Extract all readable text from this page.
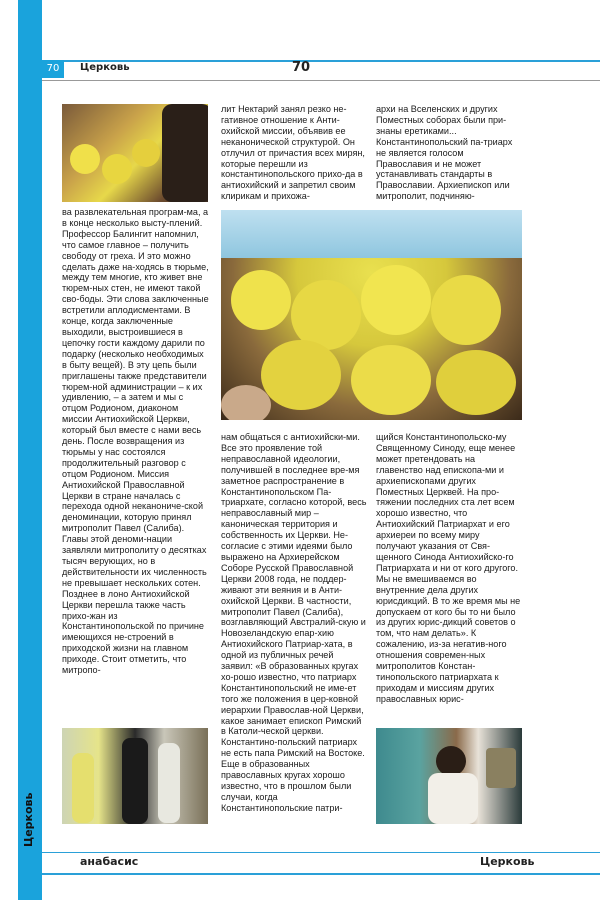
Церковь
70	Церковь	70

ва развлекательная програм-ма, а в конце несколько высту-плений. Профессор Балингит напомнил, что самое главное – получить свободу от греха. И это можно сделать даже на-ходясь в тюрьме, между тем многие, кто живет вне тюрем-ных стен, не имеют такой сво-боды. Эти слова заключенные встретили аплодисментами. В конце, когда заключенные выходили, выстроившиеся в цепочку гости каждому дарили по подарку (несколько необходимых в быту вещей). В эту цепь были приглашены также представители тюрем-ной администрации – к их удивлению, – а затем и мы с отцом Родионом, диаконом миссии Антиохийской Церкви, который был вместе с нами весь день. После возвращения из тюрьмы у нас состоялся продолжительный разговор с отцом Родионом. Миссия Антиохийской Православной Церкви в стране началась с перехода одной неканониче-ской деноминации, которую принял митрополит Павел (Салиба). Главы этой деноми-нации заявляли митрополиту о десятках тысяч верующих, но в действительности их численность не превышает нескольких сотен. Позднее в лоно Антиохийской Церкви перешла также часть прихо-жан из Константинопольской по причине имеющихся не-строений в приходской жизни на главном приходе. Стоит отметить, что митропо-

лит Нектарий занял резко не-гативное отношение к Анти-охийской миссии, объявив ее неканонической структурой. Он отлучил от причастия всех мирян, которые перешли из константинопольского прихо-да в антиохийский и запретил своим клирикам и прихожа-

архи на Вселенских и других Поместных соборах были при-знаны еретиками... Константинопольский па-триарх не является голосом Православия и не может устанавливать стандарты в Православии. Архиепископ или митрополит, подчиняю-

нам общаться с антиохийски-ми. Все это проявление той неправославной идеологии, получившей в последнее вре-мя заметное распространение в Константинопольском Па-триархате, согласно которой, весь неправославный мир – каноническая территория и собственность их Церкви. Не-согласие с этими идеями было выражено на Архиерейском Соборе Русской Православной Церкви 2008 года, не поддер-живают эти веяния и в Анти-охийской Церкви. В частности, митрополит Павел (Салиба), возглавляющий Австралий-скую и Новозеландскую епар-хию Антиохийского Патриар-хата, в одной из публичных речей заявил: «В образованных кругах хо-рошо известно, что патриарх Константинопольский не име-ет того же положения в цер-ковной иерархии Православ-ной Церкви, какое занимает епископ Римский в Католи-ческой церкви. Константино-польский патриарх не есть папа Римский на Востоке. Еще в образованных православных кругах хорошо известно, что в прошлом были случаи, когда Константинопольские патри-

щийся Константинопольско-му Священному Синоду, еще менее может претендовать на главенство над епископа-ми и архиепископами других Поместных Церквей. На про-тяжении последних ста лет всем хорошо известно, что Антиохийский Патриархат и его архиереи по всему миру получают указания от Свя-щенного Синода Антиохийско-го Патриархата и ни от кого другого. Мы не вмешиваемся во внутренние дела других юрисдикций. В то же время мы не допускаем от кого бы то ни было из других юрис-дикций советов о том, что нам делать». К сожалению, из-за негатив-ного отношения современ-ных митрополитов Констан-тинопольского патриархата к приходам и миссиям других православных юрис-

анабасис	Церковь
